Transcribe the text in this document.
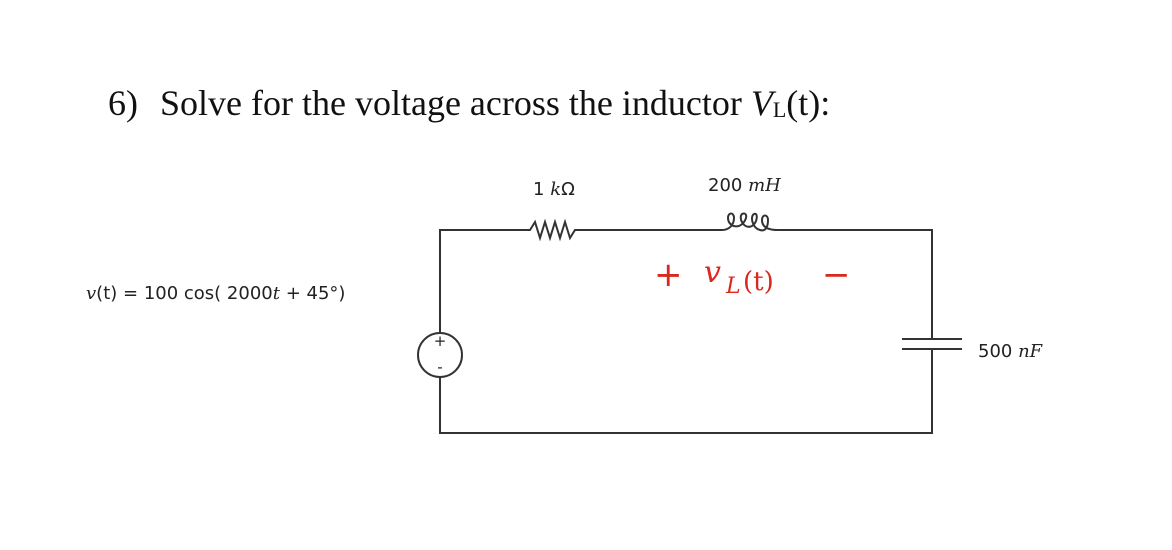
6) Solve for the voltage across the inductor VL(t):
+
-
v(t) = 100 cos( 2000t + 45°)
1 kΩ	200 mH
500 nF
+ v L (t) −
